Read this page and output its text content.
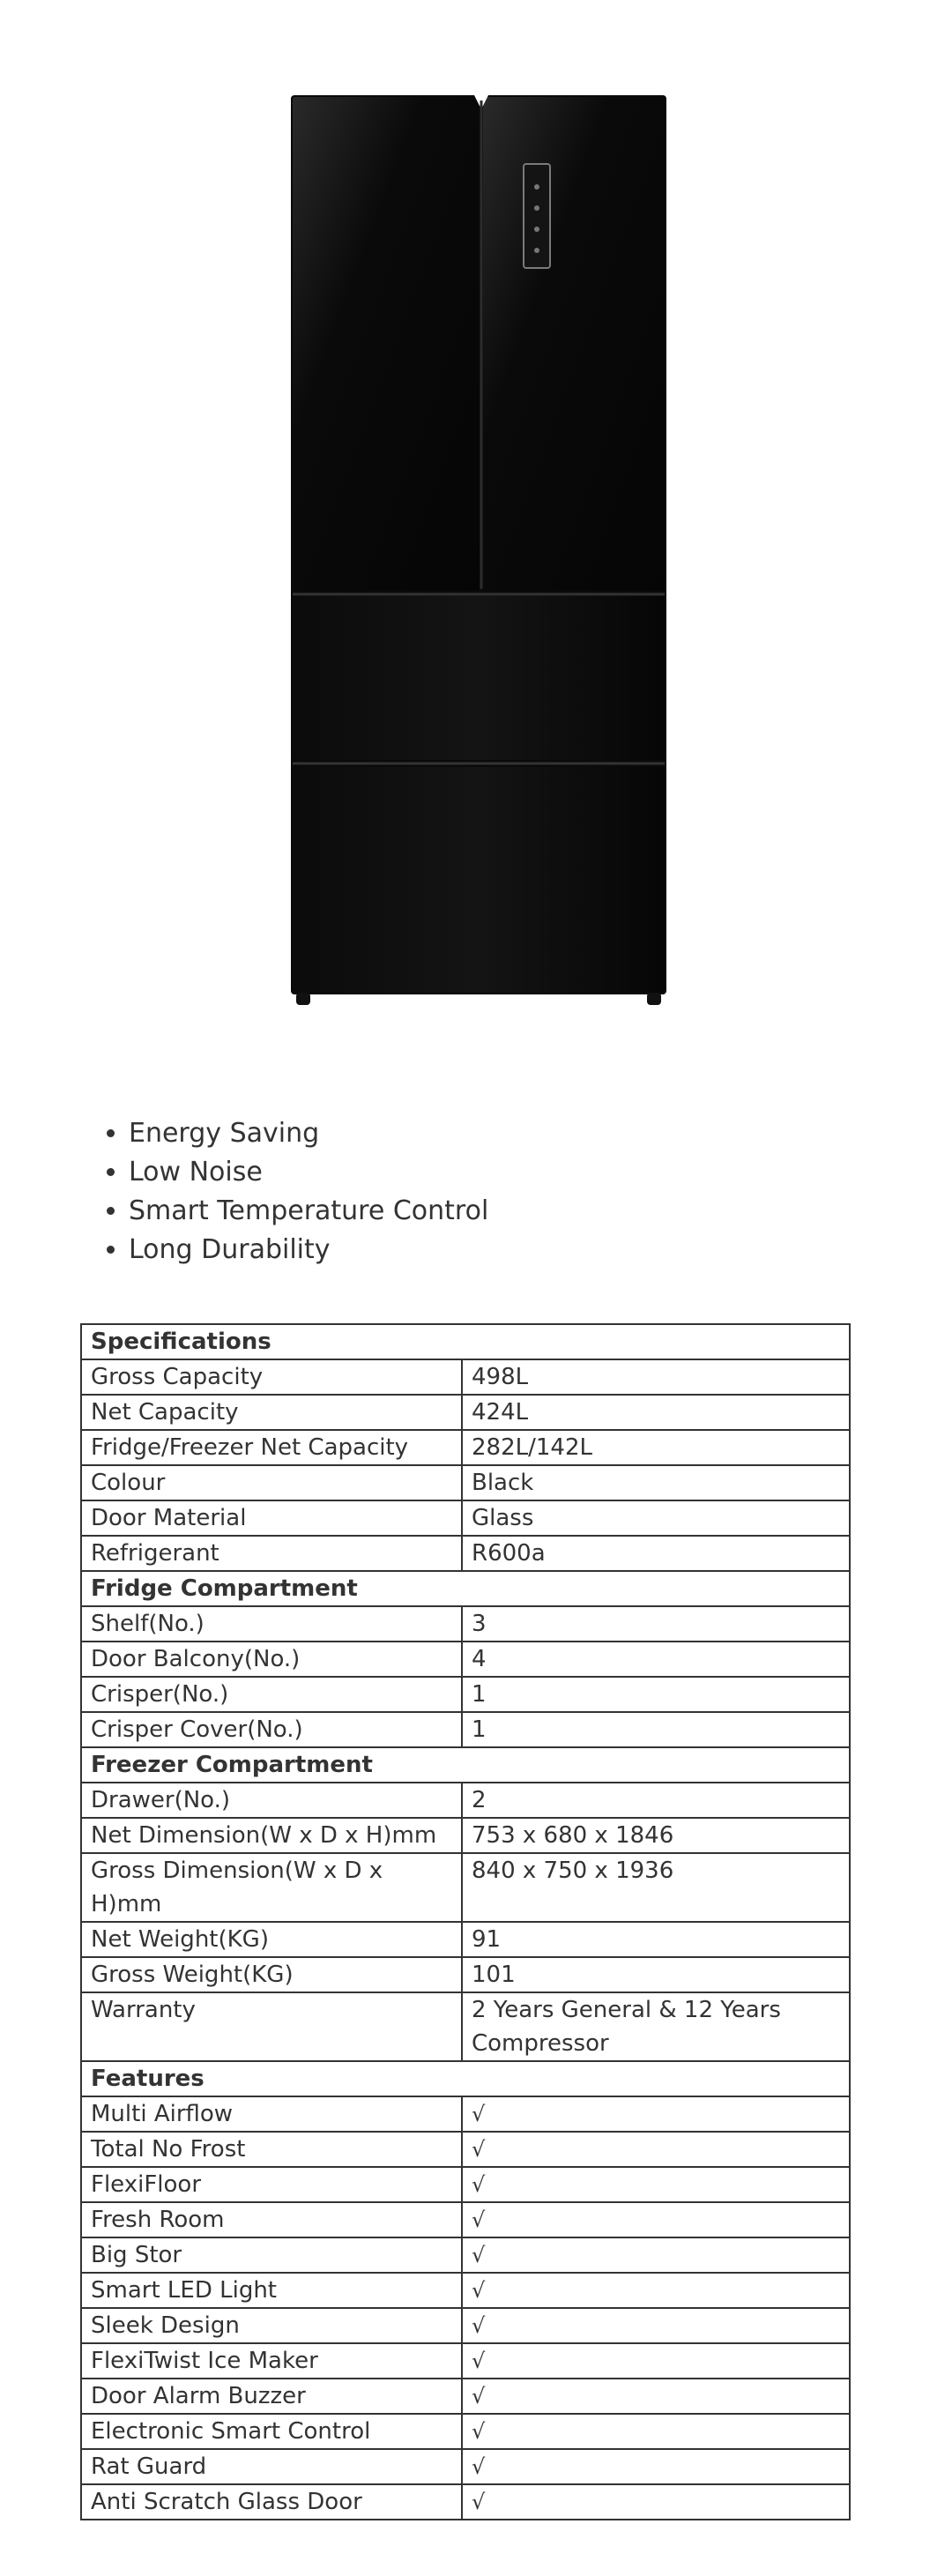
• Energy Saving
• Low Noise
• Smart Temperature Control
• Long Durability
Specifications	
Gross Capacity	498L
Net Capacity	424L
Fridge/Freezer Net Capacity	282L/142L
Colour	Black
Door Material	Glass
Refrigerant	R600a
Fridge Compartment	
Shelf(No.)	3
Door Balcony(No.)	4
Crisper(No.)	1
Crisper Cover(No.)	1
Freezer Compartment	
Drawer(No.)	2
Net Dimension(W x D x H)mm	753 x 680 x 1846
Gross Dimension(W x D x H)mm	840 x 750 x 1936
Net Weight(KG)	91
Gross Weight(KG)	101
Warranty	2 Years General & 12 Years Compressor
Features	
Multi Airflow	√
Total No Frost	√
FlexiFloor	√
Fresh Room	√
Big Stor	√
Smart LED Light	√
Sleek Design	√
FlexiTwist Ice Maker	√
Door Alarm Buzzer	√
Electronic Smart Control	√
Rat Guard	√
Anti Scratch Glass Door	√
